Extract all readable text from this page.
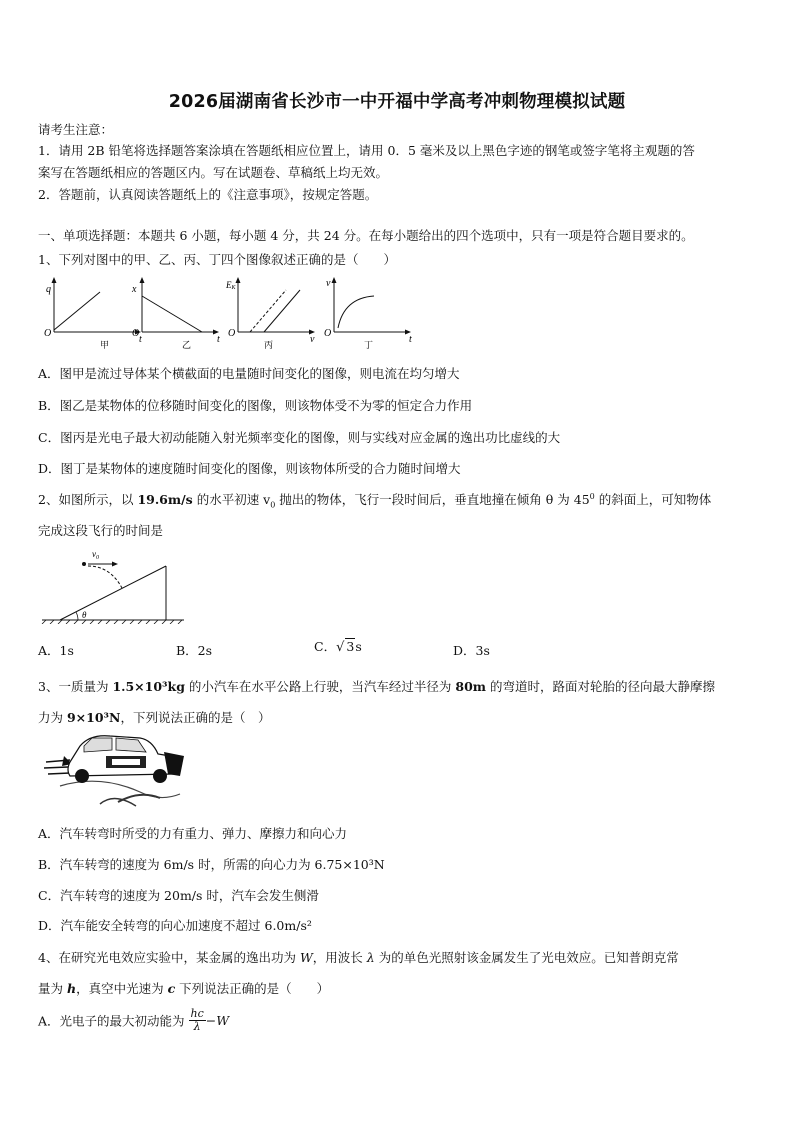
2026届湖南省长沙市一中开福中学高考冲刺物理模拟试题
请考生注意：
1．请用 2B 铅笔将选择题答案涂填在答题纸相应位置上，请用 0．5 毫米及以上黑色字迹的钢笔或签字笔将主观题的答
案写在答题纸相应的答题区内。写在试题卷、草稿纸上均无效。
2．答题前，认真阅读答题纸上的《注意事项》，按规定答题。
一、单项选择题：本题共 6 小题，每小题 4 分，共 24 分。在每小题给出的四个选项中，只有一项是符合题目要求的。
1、下列对图中的甲、乙、丙、丁四个图像叙述正确的是（　　）
q
t
O
甲
x
t
O
乙
EK
v
O
丙
v
t
O
丁
A．图甲是流过导体某个横截面的电量随时间变化的图像，则电流在均匀增大
B．图乙是某物体的位移随时间变化的图像，则该物体受不为零的恒定合力作用
C．图丙是光电子最大初动能随入射光频率变化的图像，则与实线对应金属的逸出功比虚线的大
D．图丁是某物体的速度随时间变化的图像，则该物体所受的合力随时间增大
2、如图所示，以 19.6m/s 的水平初速 $v_0$ 抛出的物体，飞行一段时间后，垂直地撞在倾角 θ 为 $45^0$ 的斜面上，可知物体
完成这段飞行的时间是
θ
$v_0$
A．1s	B．2s	C．√ 3s	D．3s
3、一质量为 1.5×10³kg 的小汽车在水平公路上行驶，当汽车经过半径为 80m 的弯道时，路面对轮胎的径向最大静摩擦
力为 9×10³N，下列说法正确的是（　）
A．汽车转弯时所受的力有重力、弹力、摩擦力和向心力
B．汽车转弯的速度为 6m/s 时，所需的向心力为 6.75×10³N
C．汽车转弯的速度为 20m/s 时，汽车会发生侧滑
D．汽车能安全转弯的向心加速度不超过 6.0m/s²
4、在研究光电效应实验中，某金属的逸出功为 W，用波长 λ 为的单色光照射该金属发生了光电效应。已知普朗克常
量为 h，真空中光速为 c 下列说法正确的是（　　）
A．光电子的最大初动能为 $\frac{hc}{\lambda} -W$
